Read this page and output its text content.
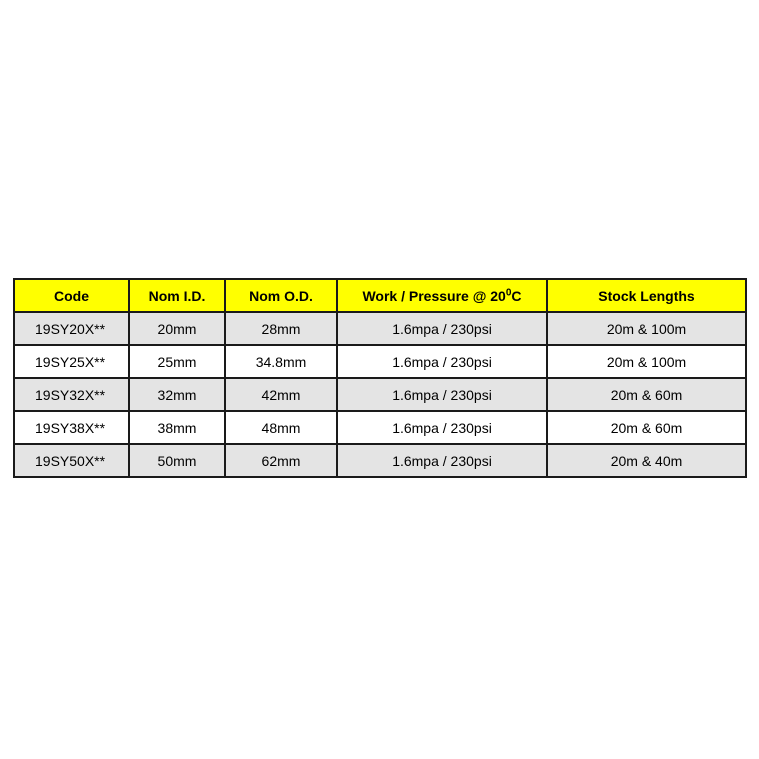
Code	Nom I.D.	Nom O.D.	Work / Pressure @ $20^0C$	Stock Lengths
19SY20X**	20mm	28mm	1.6mpa / 230psi	20m & 100m
19SY25X**	25mm	34.8mm	1.6mpa / 230psi	20m & 100m
19SY32X**	32mm	42mm	1.6mpa / 230psi	20m & 60m
19SY38X**	38mm	48mm	1.6mpa / 230psi	20m & 60m
19SY50X**	50mm	62mm	1.6mpa / 230psi	20m & 40m
